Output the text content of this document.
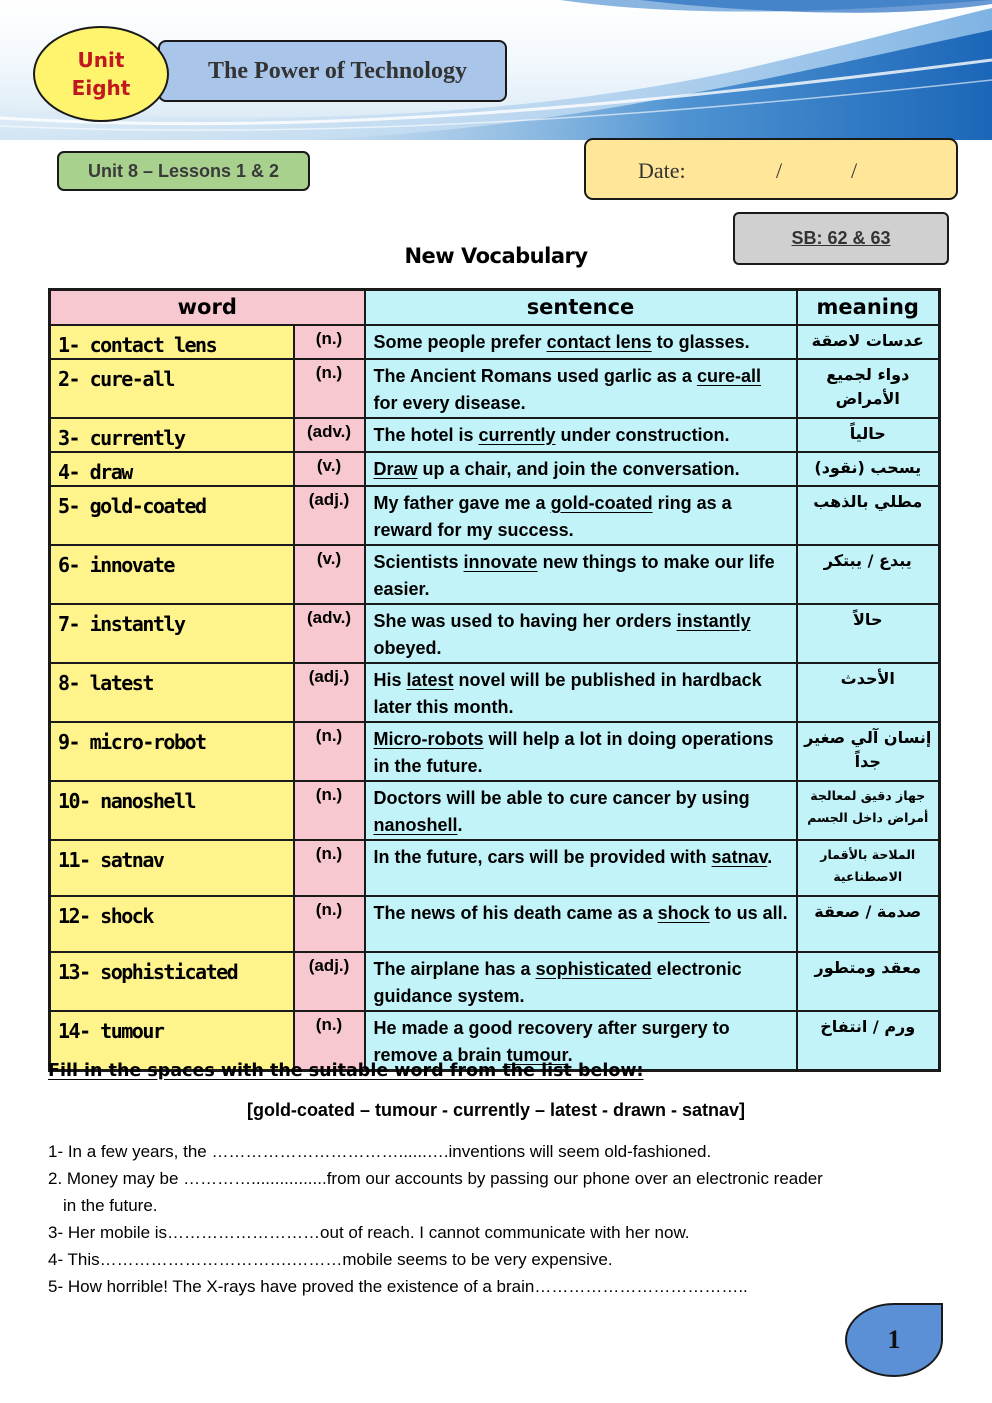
Unit
Eight
The Power of Technology
Unit 8 – Lessons 1 & 2	Date:	/	/
SB: 62 & 63
New Vocabulary
word		sentence	meaning
1- contact lens	(n.)	Some people prefer contact lens to glasses.	عدسات لاصقة
2- cure-all	(n.)	The Ancient Romans used garlic as a cure-all for every disease.	دواء لجميع الأمراض
3- currently	(adv.)	The hotel is currently under construction.	حالياً
4- draw	(v.)	Draw up a chair, and join the conversation.	يسحب (نقود)
5- gold-coated	(adj.)	My father gave me a gold-coated ring as a reward for my success.	مطلي بالذهب
6- innovate	(v.)	Scientists innovate new things to make our life easier.	يبدع / يبتكر
7- instantly	(adv.)	She was used to having her orders instantly obeyed.	حالاً
8- latest	(adj.)	His latest novel will be published in hardback later this month.	الأحدث
9- micro-robot	(n.)	Micro-robots will help a lot in doing operations in the future.	إنسان آلي صغير جداً
10- nanoshell	(n.)	Doctors will be able to cure cancer by using nanoshell.	جهاز دقيق لمعالجة أمراض داخل الجسم
11- satnav	(n.)	In the future, cars will be provided with satnav.	الملاحة بالأقمار الاصطناعية
12- shock	(n.)	The news of his death came as a shock to us all.	صدمة / صعقة
13- sophisticated	(adj.)	The airplane has a sophisticated electronic guidance system.	معقد ومتطور
14- tumour	(n.)	He made a good recovery after surgery to remove a brain tumour.	ورم / انتفاخ
Fill in the spaces with the suitable word from the list below:
[gold-coated – tumour - currently – latest - drawn - satnav]

1- In a few years, the ……………………………......….inventions will seem old-fashioned.

2. Money may be …………................from our accounts by passing our phone over an electronic reader

in the future.

3- Her mobile is………………………out of reach. I cannot communicate with her now.

4- This…………………………….………mobile seems to be very expensive.

5- How horrible! The X-rays have proved the existence of a brain………………………………..

1
